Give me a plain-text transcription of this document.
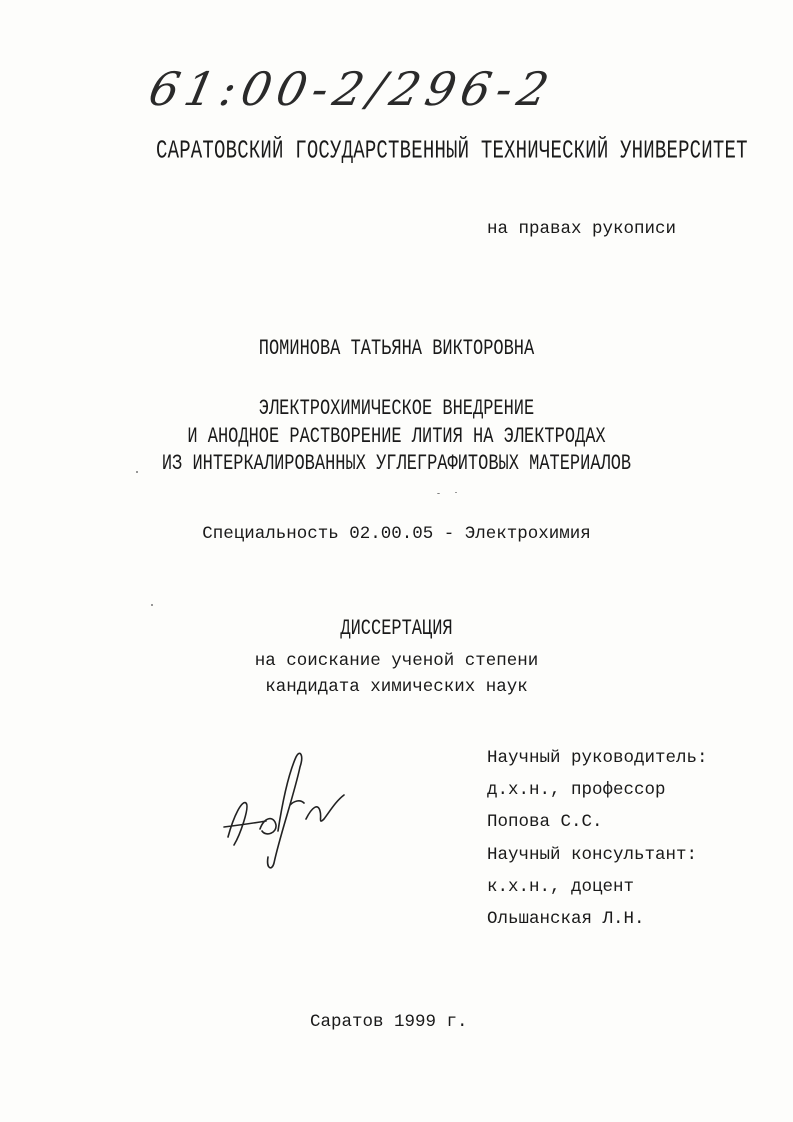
61:00-2/296-2

САРАТОВСКИЙ ГОСУДАРСТВЕННЫЙ ТЕХНИЧЕСКИЙ УНИВЕРСИТЕТ

на правах рукописи

ПОМИНОВА ТАТЬЯНА ВИКТОРОВНА

ЭЛЕКТРОХИМИЧЕСКОЕ ВНЕДРЕНИЕ

И АНОДНОЕ РАСТВОРЕНИЕ ЛИТИЯ НА ЭЛЕКТРОДАХ

ИЗ ИНТЕРКАЛИРОВАННЫХ УГЛЕГРАФИТОВЫХ МАТЕРИАЛОВ

Специальность 02.00.05 - Электрохимия

ДИССЕРТАЦИЯ

на соискание ученой степени

кандидата химических наук

Научный руководитель:

д.х.н., профессор

Попова С.С.

Научный консультант:

к.х.н., доцент

Ольшанская Л.Н.

Саратов 1999 г.
